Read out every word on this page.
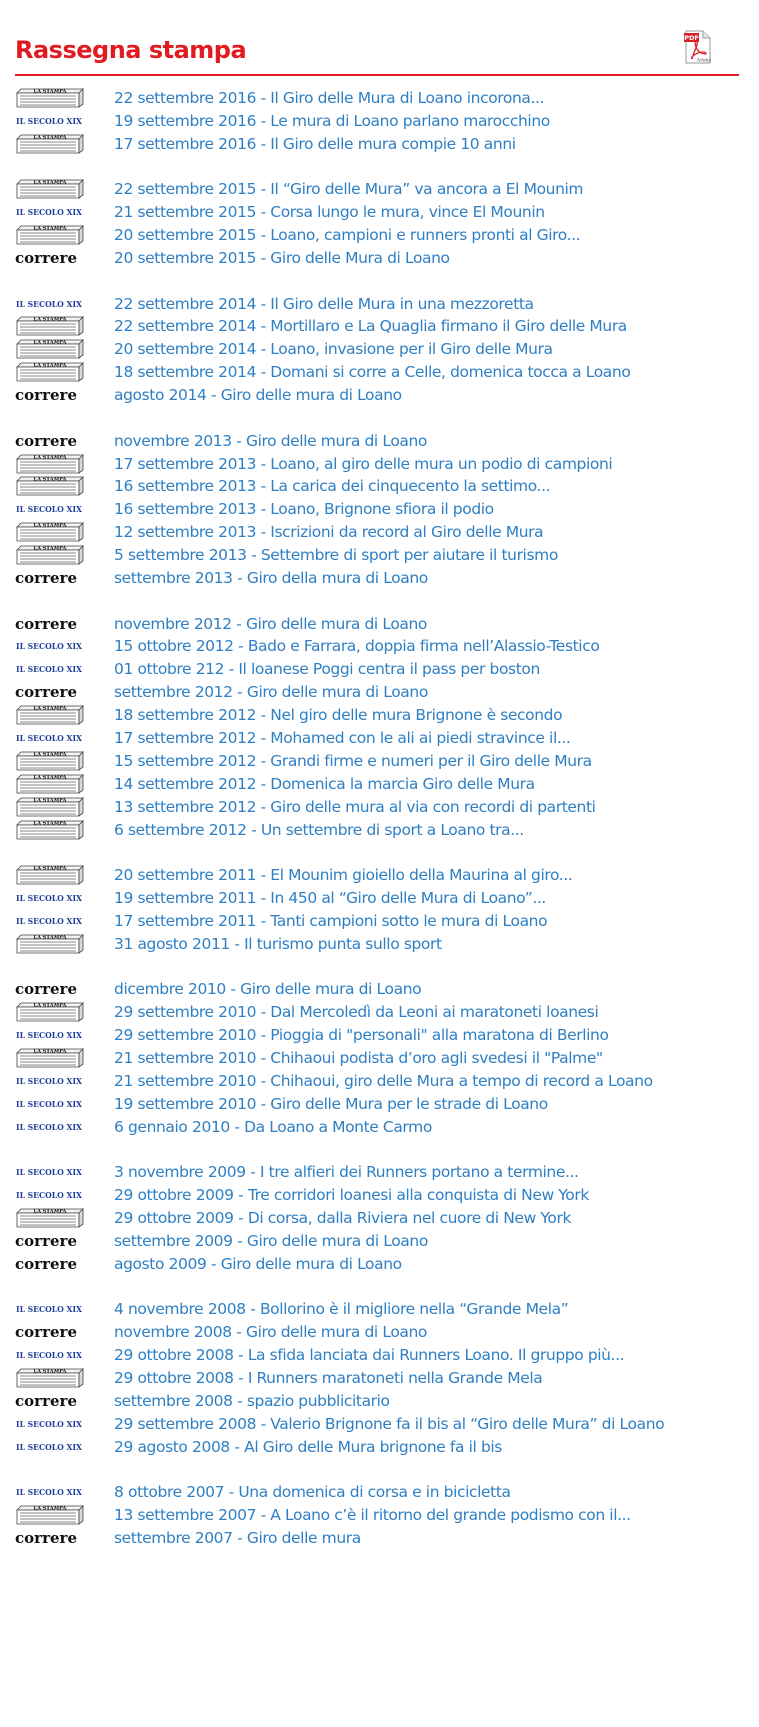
Rassegna stampa	PDF
Adobe
LA STAMPA	22 settembre 2016 - Il Giro delle Mura di Loano incorona...
IL SECOLO XIX 19 settembre 2016 - Le mura di Loano parlano marocchino
LA STAMPA	17 settembre 2016 - Il Giro delle mura compie 10 anni
LA STAMPA	22 settembre 2015 - Il “Giro delle Mura” va ancora a El Mounim
IL SECOLO XIX 21 settembre 2015 - Corsa lungo le mura, vince El Mounin
LA STAMPA	20 settembre 2015 - Loano, campioni e runners pronti al Giro...
correre 20 settembre 2015 - Giro delle Mura di Loano
IL SECOLO XIX 22 settembre 2014 - Il Giro delle Mura in una mezzoretta
LA STAMPA	22 settembre 2014 - Mortillaro e La Quaglia firmano il Giro delle Mura
LA STAMPA	20 settembre 2014 - Loano, invasione per il Giro delle Mura
LA STAMPA	18 settembre 2014 - Domani si corre a Celle, domenica tocca a Loano
correre agosto 2014 - Giro delle mura di Loano
correre novembre 2013 - Giro delle mura di Loano
LA STAMPA	17 settembre 2013 - Loano, al giro delle mura un podio di campioni
LA STAMPA	16 settembre 2013 - La carica dei cinquecento la settimo...
IL SECOLO XIX 16 settembre 2013 - Loano, Brignone sfiora il podio
LA STAMPA	12 settembre 2013 - Iscrizioni da record al Giro delle Mura
LA STAMPA	5 settembre 2013 - Settembre di sport per aiutare il turismo
correre settembre 2013 - Giro della mura di Loano
correre novembre 2012 - Giro delle mura di Loano
IL SECOLO XIX 15 ottobre 2012 - Bado e Farrara, doppia firma nell’Alassio-Testico
IL SECOLO XIX 01 ottobre 212 - Il loanese Poggi centra il pass per boston
correre settembre 2012 - Giro delle mura di Loano
LA STAMPA	18 settembre 2012 - Nel giro delle mura Brignone è secondo
IL SECOLO XIX 17 settembre 2012 - Mohamed con le ali ai piedi stravince il...
LA STAMPA	15 settembre 2012 - Grandi firme e numeri per il Giro delle Mura
LA STAMPA	14 settembre 2012 - Domenica la marcia Giro delle Mura
LA STAMPA	13 settembre 2012 - Giro delle mura al via con recordi di partenti
LA STAMPA	6 settembre 2012 - Un settembre di sport a Loano tra...
LA STAMPA	20 settembre 2011 - El Mounim gioiello della Maurina al giro...
IL SECOLO XIX 19 settembre 2011 - In 450 al “Giro delle Mura di Loano”...
IL SECOLO XIX 17 settembre 2011 - Tanti campioni sotto le mura di Loano
LA STAMPA	31 agosto 2011 - Il turismo punta sullo sport
correre dicembre 2010 - Giro delle mura di Loano
LA STAMPA	29 settembre 2010 - Dal Mercoledì da Leoni ai maratoneti loanesi
IL SECOLO XIX 29 settembre 2010 - Pioggia di "personali" alla maratona di Berlino
LA STAMPA	21 settembre 2010 - Chihaoui podista d’oro agli svedesi il "Palme"
IL SECOLO XIX 21 settembre 2010 - Chihaoui, giro delle Mura a tempo di record a Loano
IL SECOLO XIX 19 settembre 2010 - Giro delle Mura per le strade di Loano
IL SECOLO XIX 6 gennaio 2010 - Da Loano a Monte Carmo
IL SECOLO XIX 3 novembre 2009 - I tre alfieri dei Runners portano a termine...
IL SECOLO XIX 29 ottobre 2009 - Tre corridori loanesi alla conquista di New York
LA STAMPA	29 ottobre 2009 - Di corsa, dalla Riviera nel cuore di New York
correre settembre 2009 - Giro delle mura di Loano
correre agosto 2009 - Giro delle mura di Loano
IL SECOLO XIX 4 novembre 2008 - Bollorino è il migliore nella “Grande Mela”
correre novembre 2008 - Giro delle mura di Loano
IL SECOLO XIX 29 ottobre 2008 - La sfida lanciata dai Runners Loano. Il gruppo più...
LA STAMPA	29 ottobre 2008 - I Runners maratoneti nella Grande Mela
correre settembre 2008 - spazio pubblicitario
IL SECOLO XIX 29 settembre 2008 - Valerio Brignone fa il bis al “Giro delle Mura” di Loano
IL SECOLO XIX 29 agosto 2008 - Al Giro delle Mura brignone fa il bis
IL SECOLO XIX 8 ottobre 2007 - Una domenica di corsa e in bicicletta
LA STAMPA	13 settembre 2007 - A Loano c’è il ritorno del grande podismo con il...
correre settembre 2007 - Giro delle mura
